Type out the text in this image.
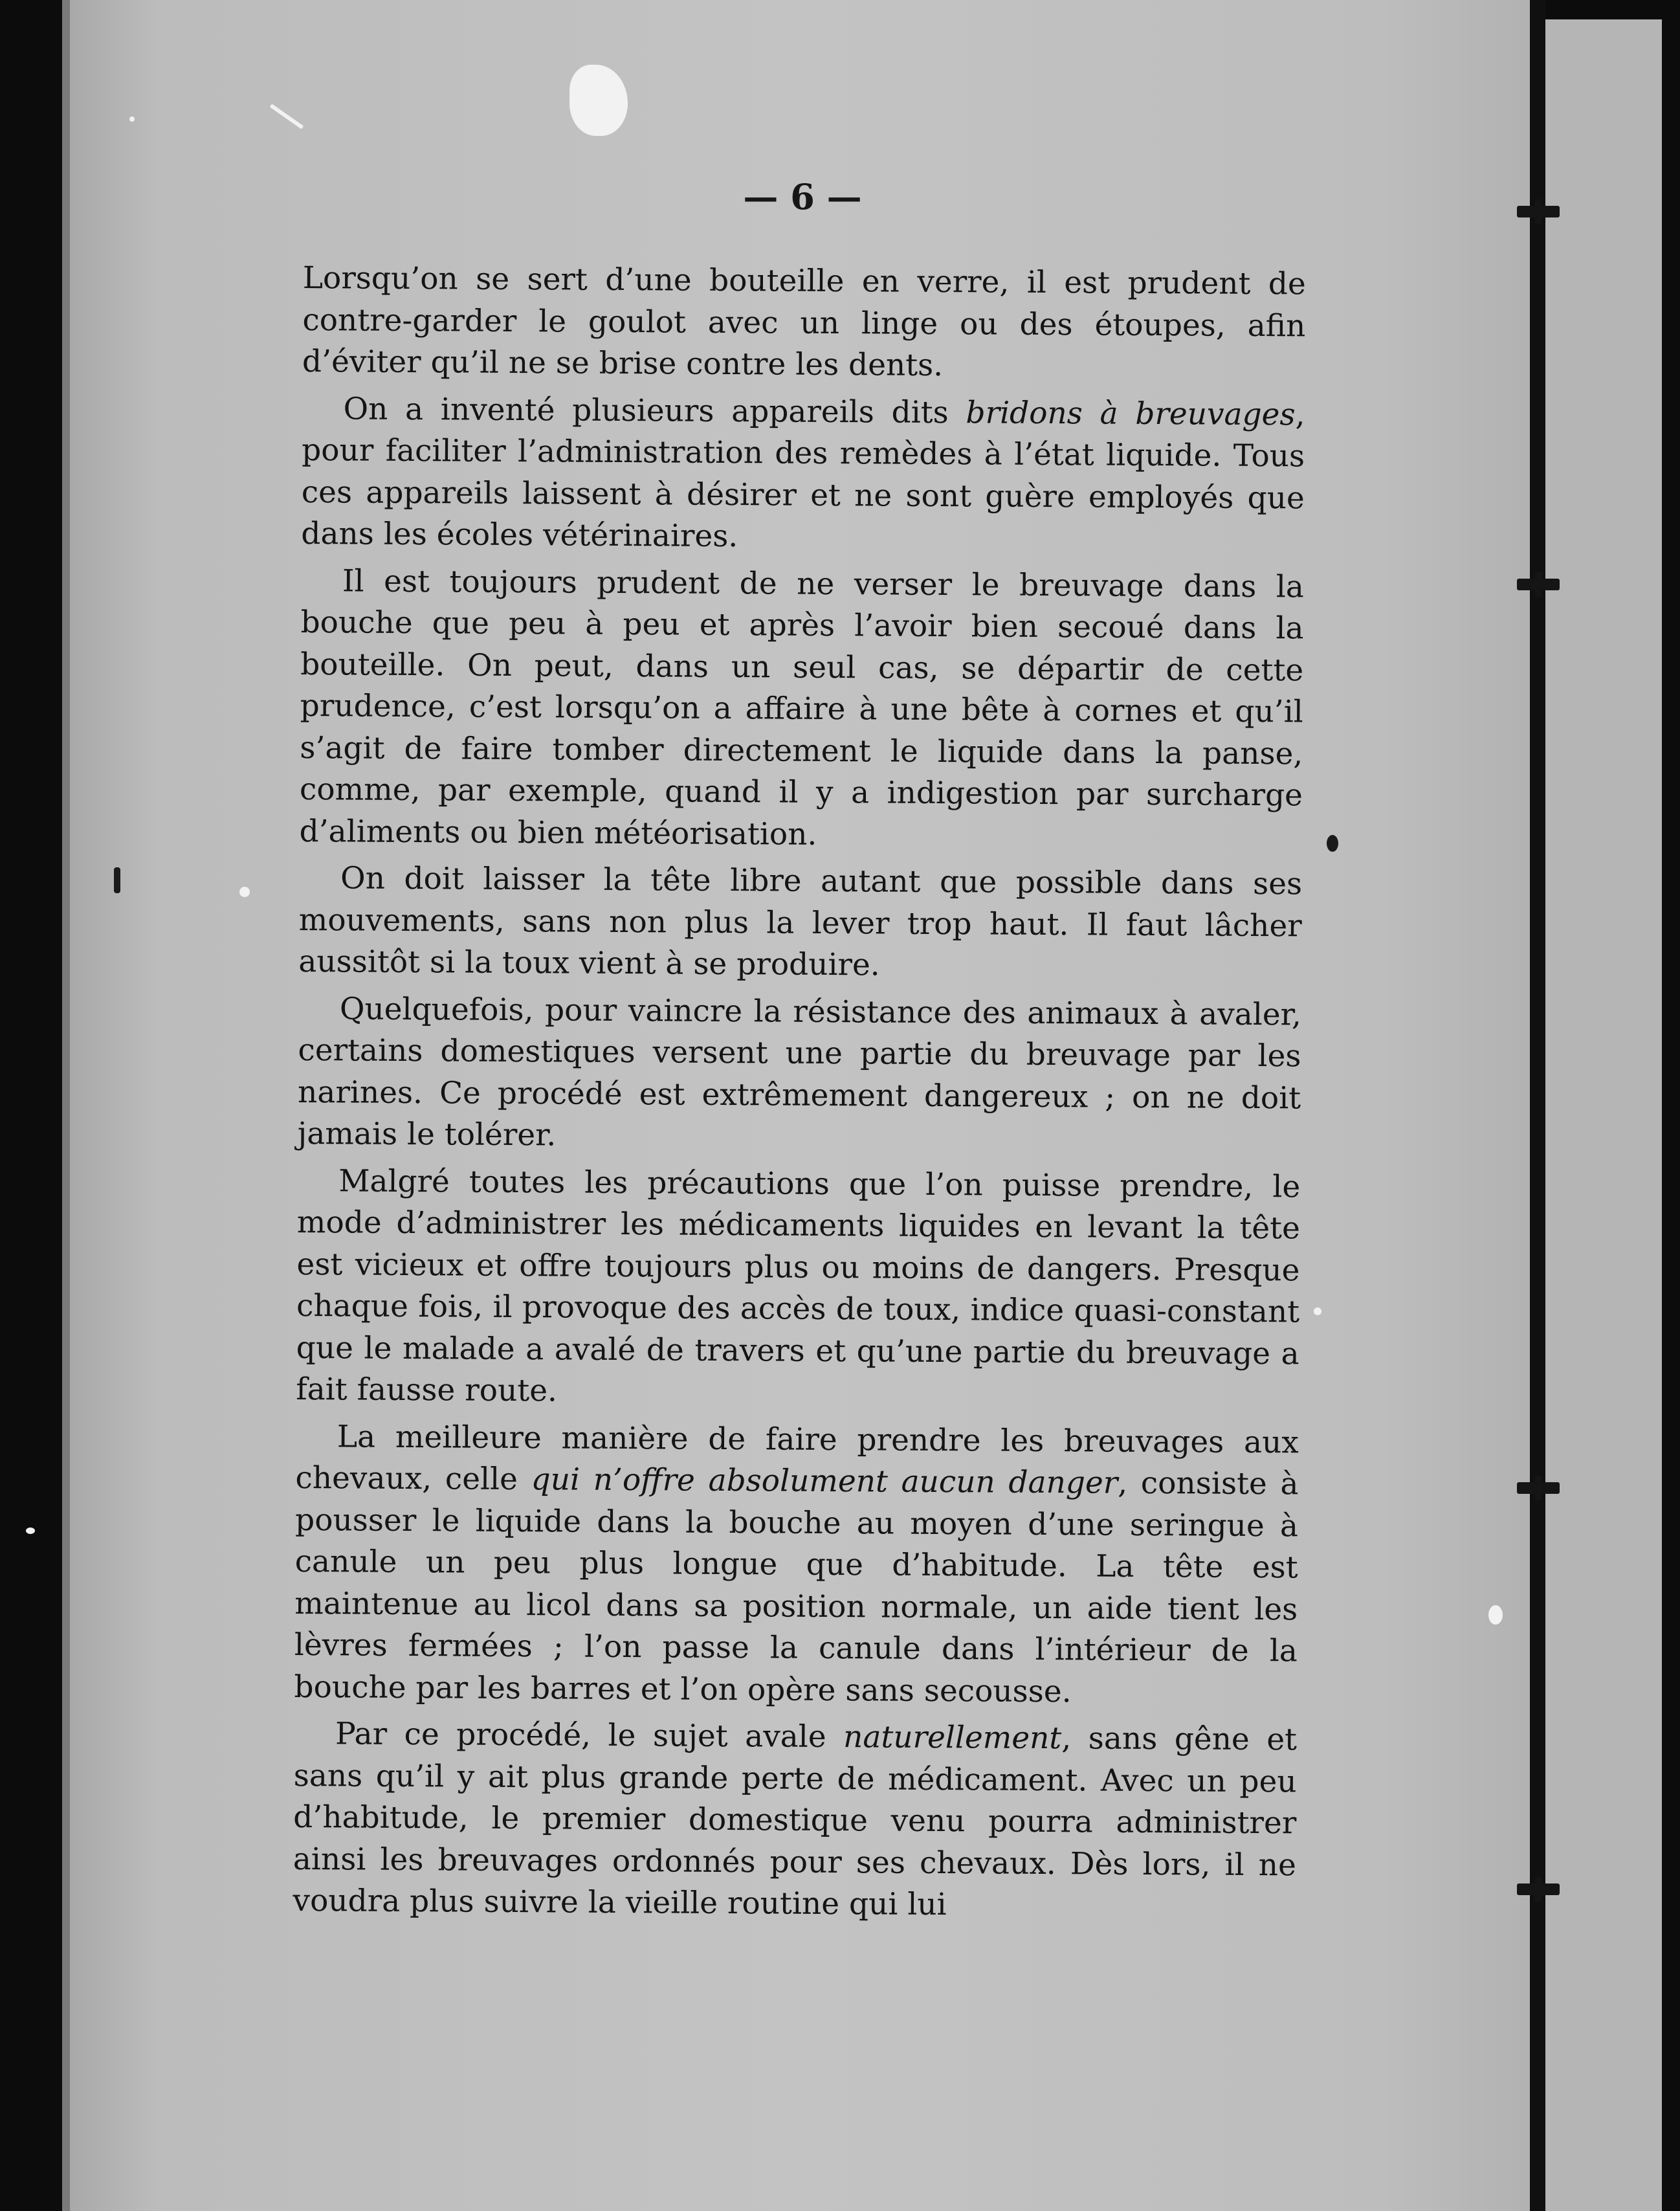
— 6 —

Lorsqu’on se sert d’une bouteille en verre, il est prudent de contre-garder le goulot avec un linge ou des étoupes, afin d’éviter qu’il ne se brise contre les dents.

On a inventé plusieurs appareils dits bridons à breuvages, pour faciliter l’administration des remèdes à l’état liquide. Tous ces appareils laissent à désirer et ne sont guère employés que dans les écoles vétérinaires.

Il est toujours prudent de ne verser le breuvage dans la bouche que peu à peu et après l’avoir bien secoué dans la bouteille. On peut, dans un seul cas, se départir de cette prudence, c’est lorsqu’on a affaire à une bête à cornes et qu’il s’agit de faire tomber directement le liquide dans la panse, comme, par exemple, quand il y a indigestion par surcharge d’aliments ou bien météorisation.

On doit laisser la tête libre autant que possible dans ses mouvements, sans non plus la lever trop haut. Il faut lâcher aussitôt si la toux vient à se produire.

Quelquefois, pour vaincre la résistance des animaux à avaler, certains domestiques versent une partie du breuvage par les narines. Ce procédé est extrêmement dangereux ; on ne doit jamais le tolérer.

Malgré toutes les précautions que l’on puisse prendre, le mode d’administrer les médicaments liquides en levant la tête est vicieux et offre toujours plus ou moins de dangers. Presque chaque fois, il provoque des accès de toux, indice quasi-constant que le malade a avalé de travers et qu’une partie du breuvage a fait fausse route.

La meilleure manière de faire prendre les breuvages aux chevaux, celle qui n’offre absolument aucun danger, consiste à pousser le liquide dans la bouche au moyen d’une seringue à canule un peu plus longue que d’habitude. La tête est maintenue au licol dans sa position normale, un aide tient les lèvres fermées ; l’on passe la canule dans l’intérieur de la bouche par les barres et l’on opère sans secousse.

Par ce procédé, le sujet avale naturellement, sans gêne et sans qu’il y ait plus grande perte de médicament. Avec un peu d’habitude, le premier domestique venu pourra administrer ainsi les breuvages ordonnés pour ses chevaux. Dès lors, il ne voudra plus suivre la vieille routine qui lui
